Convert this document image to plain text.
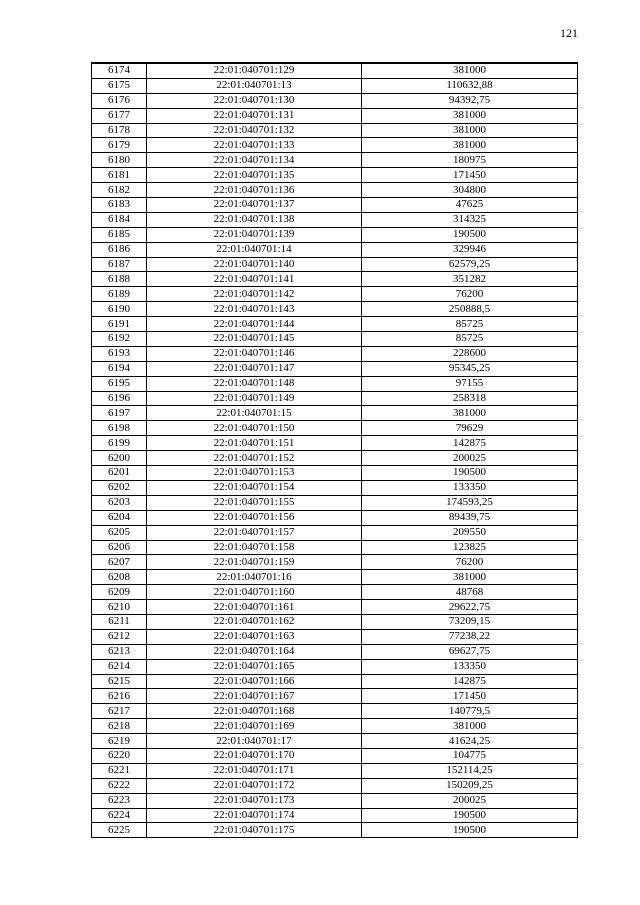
121
6174	22:01:040701:129	381000
6175	22:01:040701:13	110632,88
6176	22:01:040701:130	94392,75
6177	22:01:040701:131	381000
6178	22:01:040701:132	381000
6179	22:01:040701:133	381000
6180	22:01:040701:134	180975
6181	22:01:040701:135	171450
6182	22:01:040701:136	304800
6183	22:01:040701:137	47625
6184	22:01:040701:138	314325
6185	22:01:040701:139	190500
6186	22:01:040701:14	329946
6187	22:01:040701:140	62579,25
6188	22:01:040701:141	351282
6189	22:01:040701:142	76200
6190	22:01:040701:143	250888,5
6191	22:01:040701:144	85725
6192	22:01:040701:145	85725
6193	22:01:040701:146	228600
6194	22:01:040701:147	95345,25
6195	22:01:040701:148	97155
6196	22:01:040701:149	258318
6197	22:01:040701:15	381000
6198	22:01:040701:150	79629
6199	22:01:040701:151	142875
6200	22:01:040701:152	200025
6201	22:01:040701:153	190500
6202	22:01:040701:154	133350
6203	22:01:040701:155	174593,25
6204	22:01:040701:156	89439,75
6205	22:01:040701:157	209550
6206	22:01:040701:158	123825
6207	22:01:040701:159	76200
6208	22:01:040701:16	381000
6209	22:01:040701:160	48768
6210	22:01:040701:161	29622,75
6211	22:01:040701:162	73209,15
6212	22:01:040701:163	77238,22
6213	22:01:040701:164	69627,75
6214	22:01:040701:165	133350
6215	22:01:040701:166	142875
6216	22:01:040701:167	171450
6217	22:01:040701:168	140779,5
6218	22:01:040701:169	381000
6219	22:01:040701:17	41624,25
6220	22:01:040701:170	104775
6221	22:01:040701:171	152114,25
6222	22:01:040701:172	150209,25
6223	22:01:040701:173	200025
6224	22:01:040701:174	190500
6225	22:01:040701:175	190500
